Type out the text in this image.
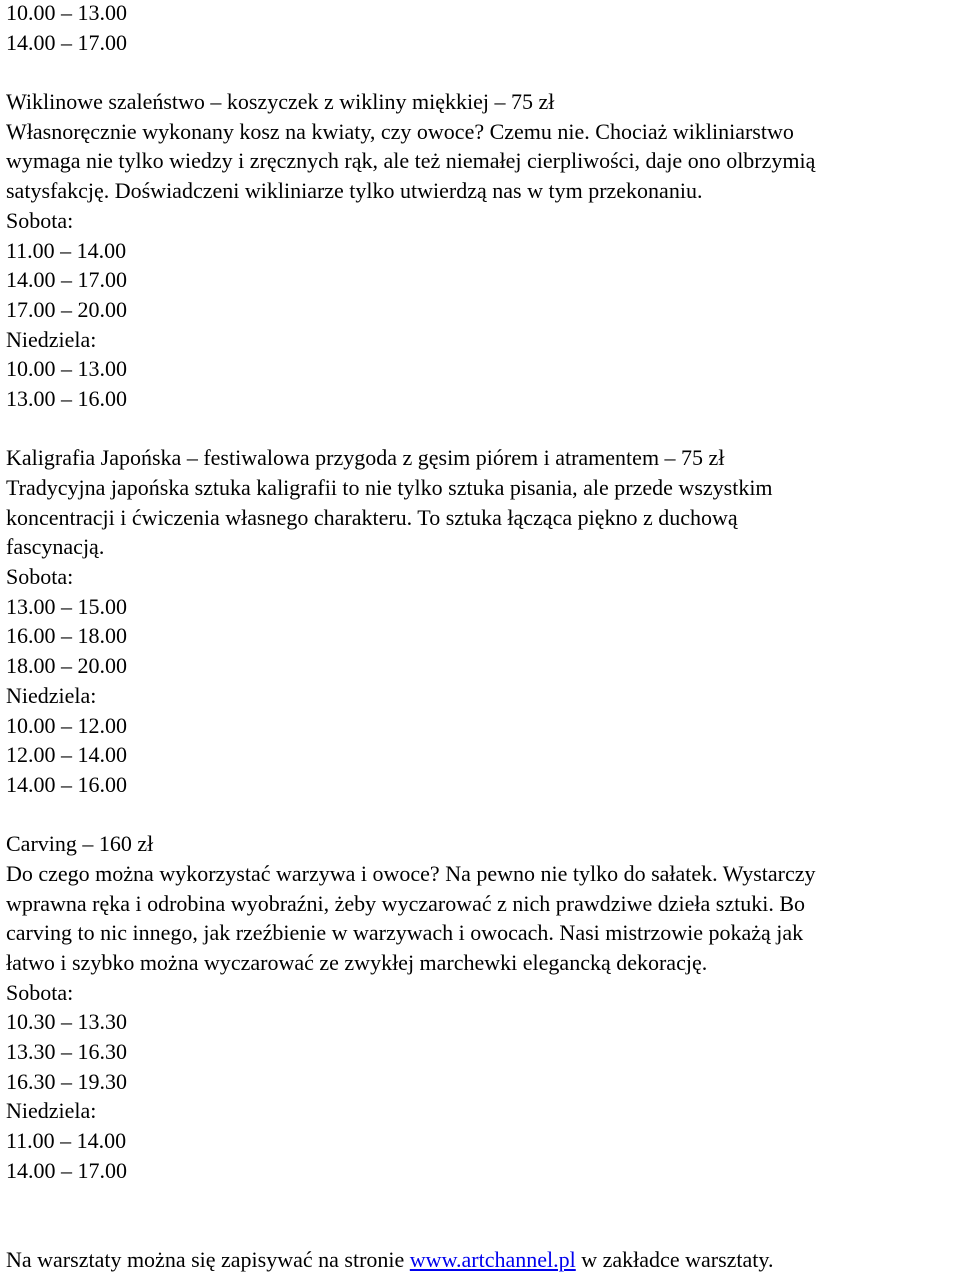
10.00 – 13.00
14.00 – 17.00
Wiklinowe szaleństwo – koszyczek z wikliny miękkiej – 75 zł
Własnoręcznie wykonany kosz na kwiaty, czy owoce? Czemu nie. Chociaż wikliniarstwo
wymaga nie tylko wiedzy i zręcznych rąk, ale też niemałej cierpliwości, daje ono olbrzymią
satysfakcję. Doświadczeni wikliniarze tylko utwierdzą nas w tym przekonaniu.
Sobota:
11.00 – 14.00
14.00 – 17.00
17.00 – 20.00
Niedziela:
10.00 – 13.00
13.00 – 16.00
Kaligrafia Japońska – festiwalowa przygoda z gęsim piórem i atramentem – 75 zł
Tradycyjna japońska sztuka kaligrafii to nie tylko sztuka pisania, ale przede wszystkim
koncentracji i ćwiczenia własnego charakteru. To sztuka łącząca piękno z duchową
fascynacją.
Sobota:
13.00 – 15.00
16.00 – 18.00
18.00 – 20.00
Niedziela:
10.00 – 12.00
12.00 – 14.00
14.00 – 16.00
Carving – 160 zł
Do czego można wykorzystać warzywa i owoce? Na pewno nie tylko do sałatek. Wystarczy
wprawna ręka i odrobina wyobraźni, żeby wyczarować z nich prawdziwe dzieła sztuki. Bo
carving to nic innego, jak rzeźbienie w warzywach i owocach. Nasi mistrzowie pokażą jak
łatwo i szybko można wyczarować ze zwykłej marchewki elegancką dekorację.
Sobota:
10.30 – 13.30
13.30 – 16.30
16.30 – 19.30
Niedziela:
11.00 – 14.00
14.00 – 17.00
Na warsztaty można się zapisywać na stronie www.artchannel.pl w zakładce warsztaty.
